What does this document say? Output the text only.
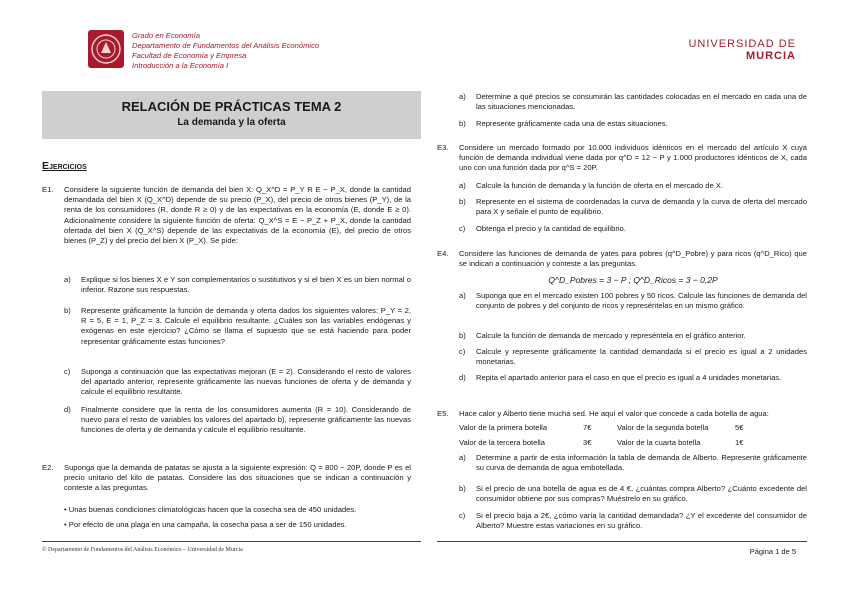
Grado en Economía
Departamento de Fundamentos del Análisis Económico
Facultad de Economía y Empresa
Introducción a la Economía I
UNIVERSIDAD DE
MURCIA
RELACIÓN DE PRÁCTICAS TEMA 2
La demanda y la oferta
Ejercicios
E1. Considere la siguiente función de demanda del bien X: Q_X^D = P_Y R E − P_X, donde la cantidad demandada del bien X (Q_X^D) depende de su precio (P_X), del precio de otros bienes (P_Y), de la renta de los consumidores (R, donde R ≥ 0) y de las expectativas en la economía (E, donde E ≥ 0). Adicionalmente considere la siguiente función de oferta: Q_X^S = E − P_Z + P_X, donde la cantidad ofertada del bien X (Q_X^S) depende de las expectativas de la economía (E), del precio de otros bienes (P_Z) y del precio del bien X (P_X). Se pide:
a) Explique si los bienes X e Y son complementarios o sustitutivos y si el bien X es un bien normal o inferior. Razone sus respuestas.
b) Represente gráficamente la función de demanda y oferta dados los siguientes valores: P_Y = 2, R = 5, E = 1, P_Z = 3. Calcule el equilibrio resultante. ¿Cuáles son las variables endógenas y exógenas en este ejercicio? ¿Cómo se llama el supuesto que se está haciendo para poder representar gráficamente estas funciones?
c) Suponga a continuación que las expectativas mejoran (E = 2). Considerando el resto de valores del apartado anterior, represente gráficamente las nuevas funciones de oferta y de demanda y calcule el equilibrio resultante.
d) Finalmente considere que la renta de los consumidores aumenta (R = 10). Considerando de nuevo para el resto de variables los valores del apartado b), represente gráficamente las nuevas funciones de oferta y de demanda y calcule el equilibrio resultante.
E2. Suponga que la demanda de patatas se ajusta a la siguiente expresión: Q = 800 − 20P, donde P es el precio unitario del kilo de patatas. Considere las dos situaciones que se indican a continuación y conteste a las preguntas.
• Unas buenas condiciones climatológicas hacen que la cosecha sea de 450 unidades.
• Por efecto de una plaga en una campaña, la cosecha pasa a ser de 150 unidades.
a) Determine a qué precios se consumirán las cantidades colocadas en el mercado en cada una de las situaciones mencionadas.
b) Represente gráficamente cada una de estas situaciones.
E3. Considere un mercado formado por 10.000 individuos idénticos en el mercado del artículo X cuya función de demanda individual viene dada por q^D = 12 − P y 1.000 productores idénticos de X, cada uno con una función dada por q^S = 20P.
a) Calcule la función de demanda y la función de oferta en el mercado de X.
b) Represente en el sistema de coordenadas la curva de demanda y la curva de oferta del mercado para X y señale el punto de equilibrio.
c) Obtenga el precio y la cantidad de equilibrio.
E4. Considere las funciones de demanda de yates para pobres (q^D_Pobre) y para ricos (q^D_Rico) que se indican a continuación y conteste a las preguntas.
Q^D_Pobres = 3 − P ; Q^D_Ricos = 3 − 0,2P
a) Suponga que en el mercado existen 100 pobres y 50 ricos. Calcule las funciones de demanda del conjunto de pobres y del conjunto de ricos y represéntelas en un mismo gráfico.
b) Calcule la función de demanda de mercado y represéntela en el gráfico anterior.
c) Calcule y represente gráficamente la cantidad demandada si el precio es igual a 2 unidades monetarias.
d) Repita el apartado anterior para el caso en que el precio es igual a 4 unidades monetarias.
E5. Hace calor y Alberto tiene mucha sed. He aquí el valor que concede a cada botella de agua:
Valor de la primera botella	7€	Valor de la segunda botella	5€
Valor de la tercera botella	3€	Valor de la cuarta botella	1€
a) Determine a partir de esta información la tabla de demanda de Alberto. Represente gráficamente su curva de demanda de agua embotellada.
b) Si el precio de una botella de agua es de 4 €, ¿cuántas compra Alberto? ¿Cuánto excedente del consumidor obtiene por sus compras? Muéstrelo en su gráfico.
c) Si el precio baja a 2€, ¿cómo varía la cantidad demandada? ¿Y el excedente del consumidor de Alberto? Muestre estas variaciones en su gráfico.
© Departamento de Fundamentos del Análisis Económico – Universidad de Murcia	Página 1 de 5
